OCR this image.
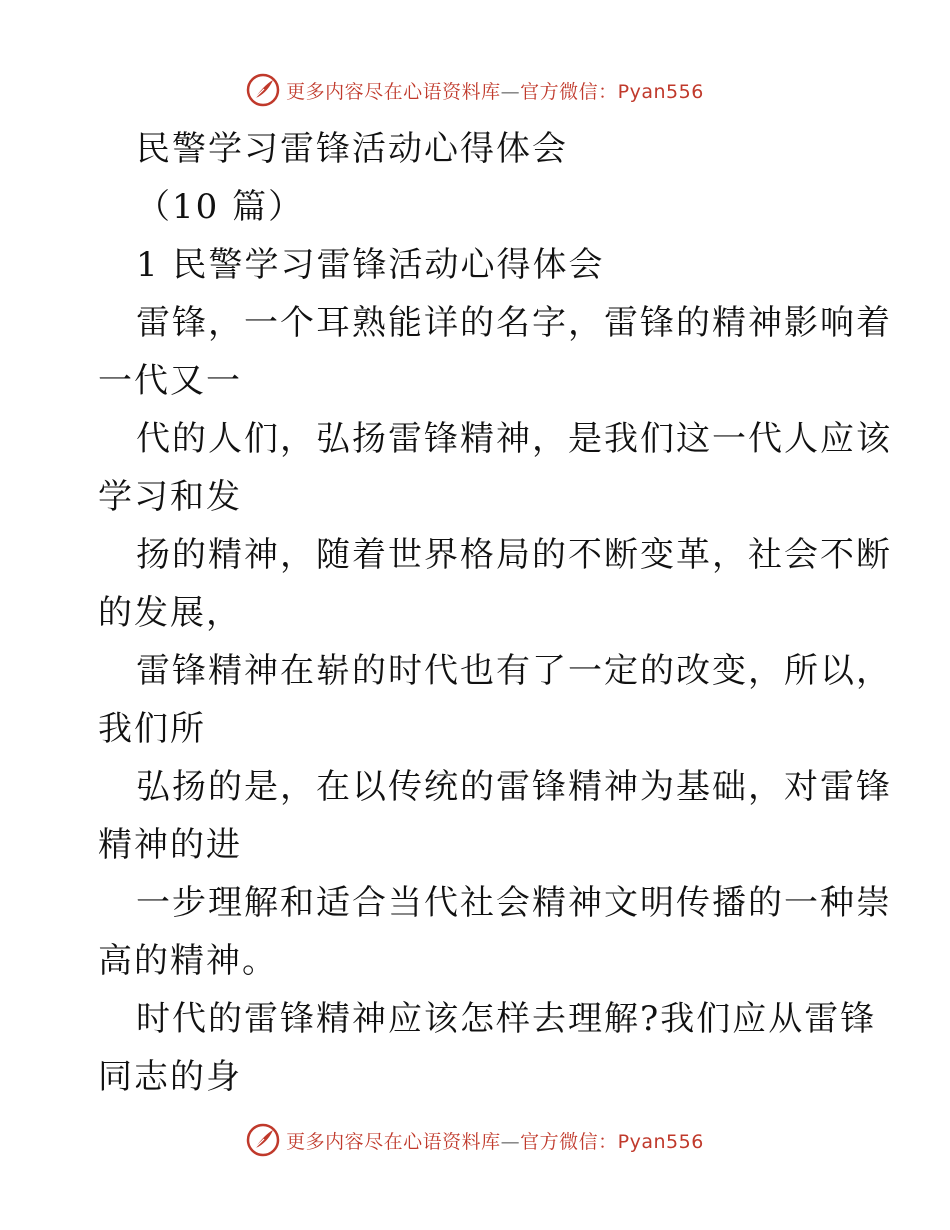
更多内容尽在心语资料库—官方微信：Pyan556
民警学习雷锋活动心得体会
（10 篇）
1 民警学习雷锋活动心得体会
雷锋，一个耳熟能详的名字，雷锋的精神影响着
一代又一
代的人们，弘扬雷锋精神，是我们这一代人应该
学习和发
扬的精神，随着世界格局的不断变革，社会不断
的发展，
雷锋精神在崭的时代也有了一定的改变，所以，
我们所
弘扬的是，在以传统的雷锋精神为基础，对雷锋
精神的进
一步理解和适合当代社会精神文明传播的一种崇
高的精神。
时代的雷锋精神应该怎样去理解?我们应从雷锋
同志的身
更多内容尽在心语资料库—官方微信：Pyan556
